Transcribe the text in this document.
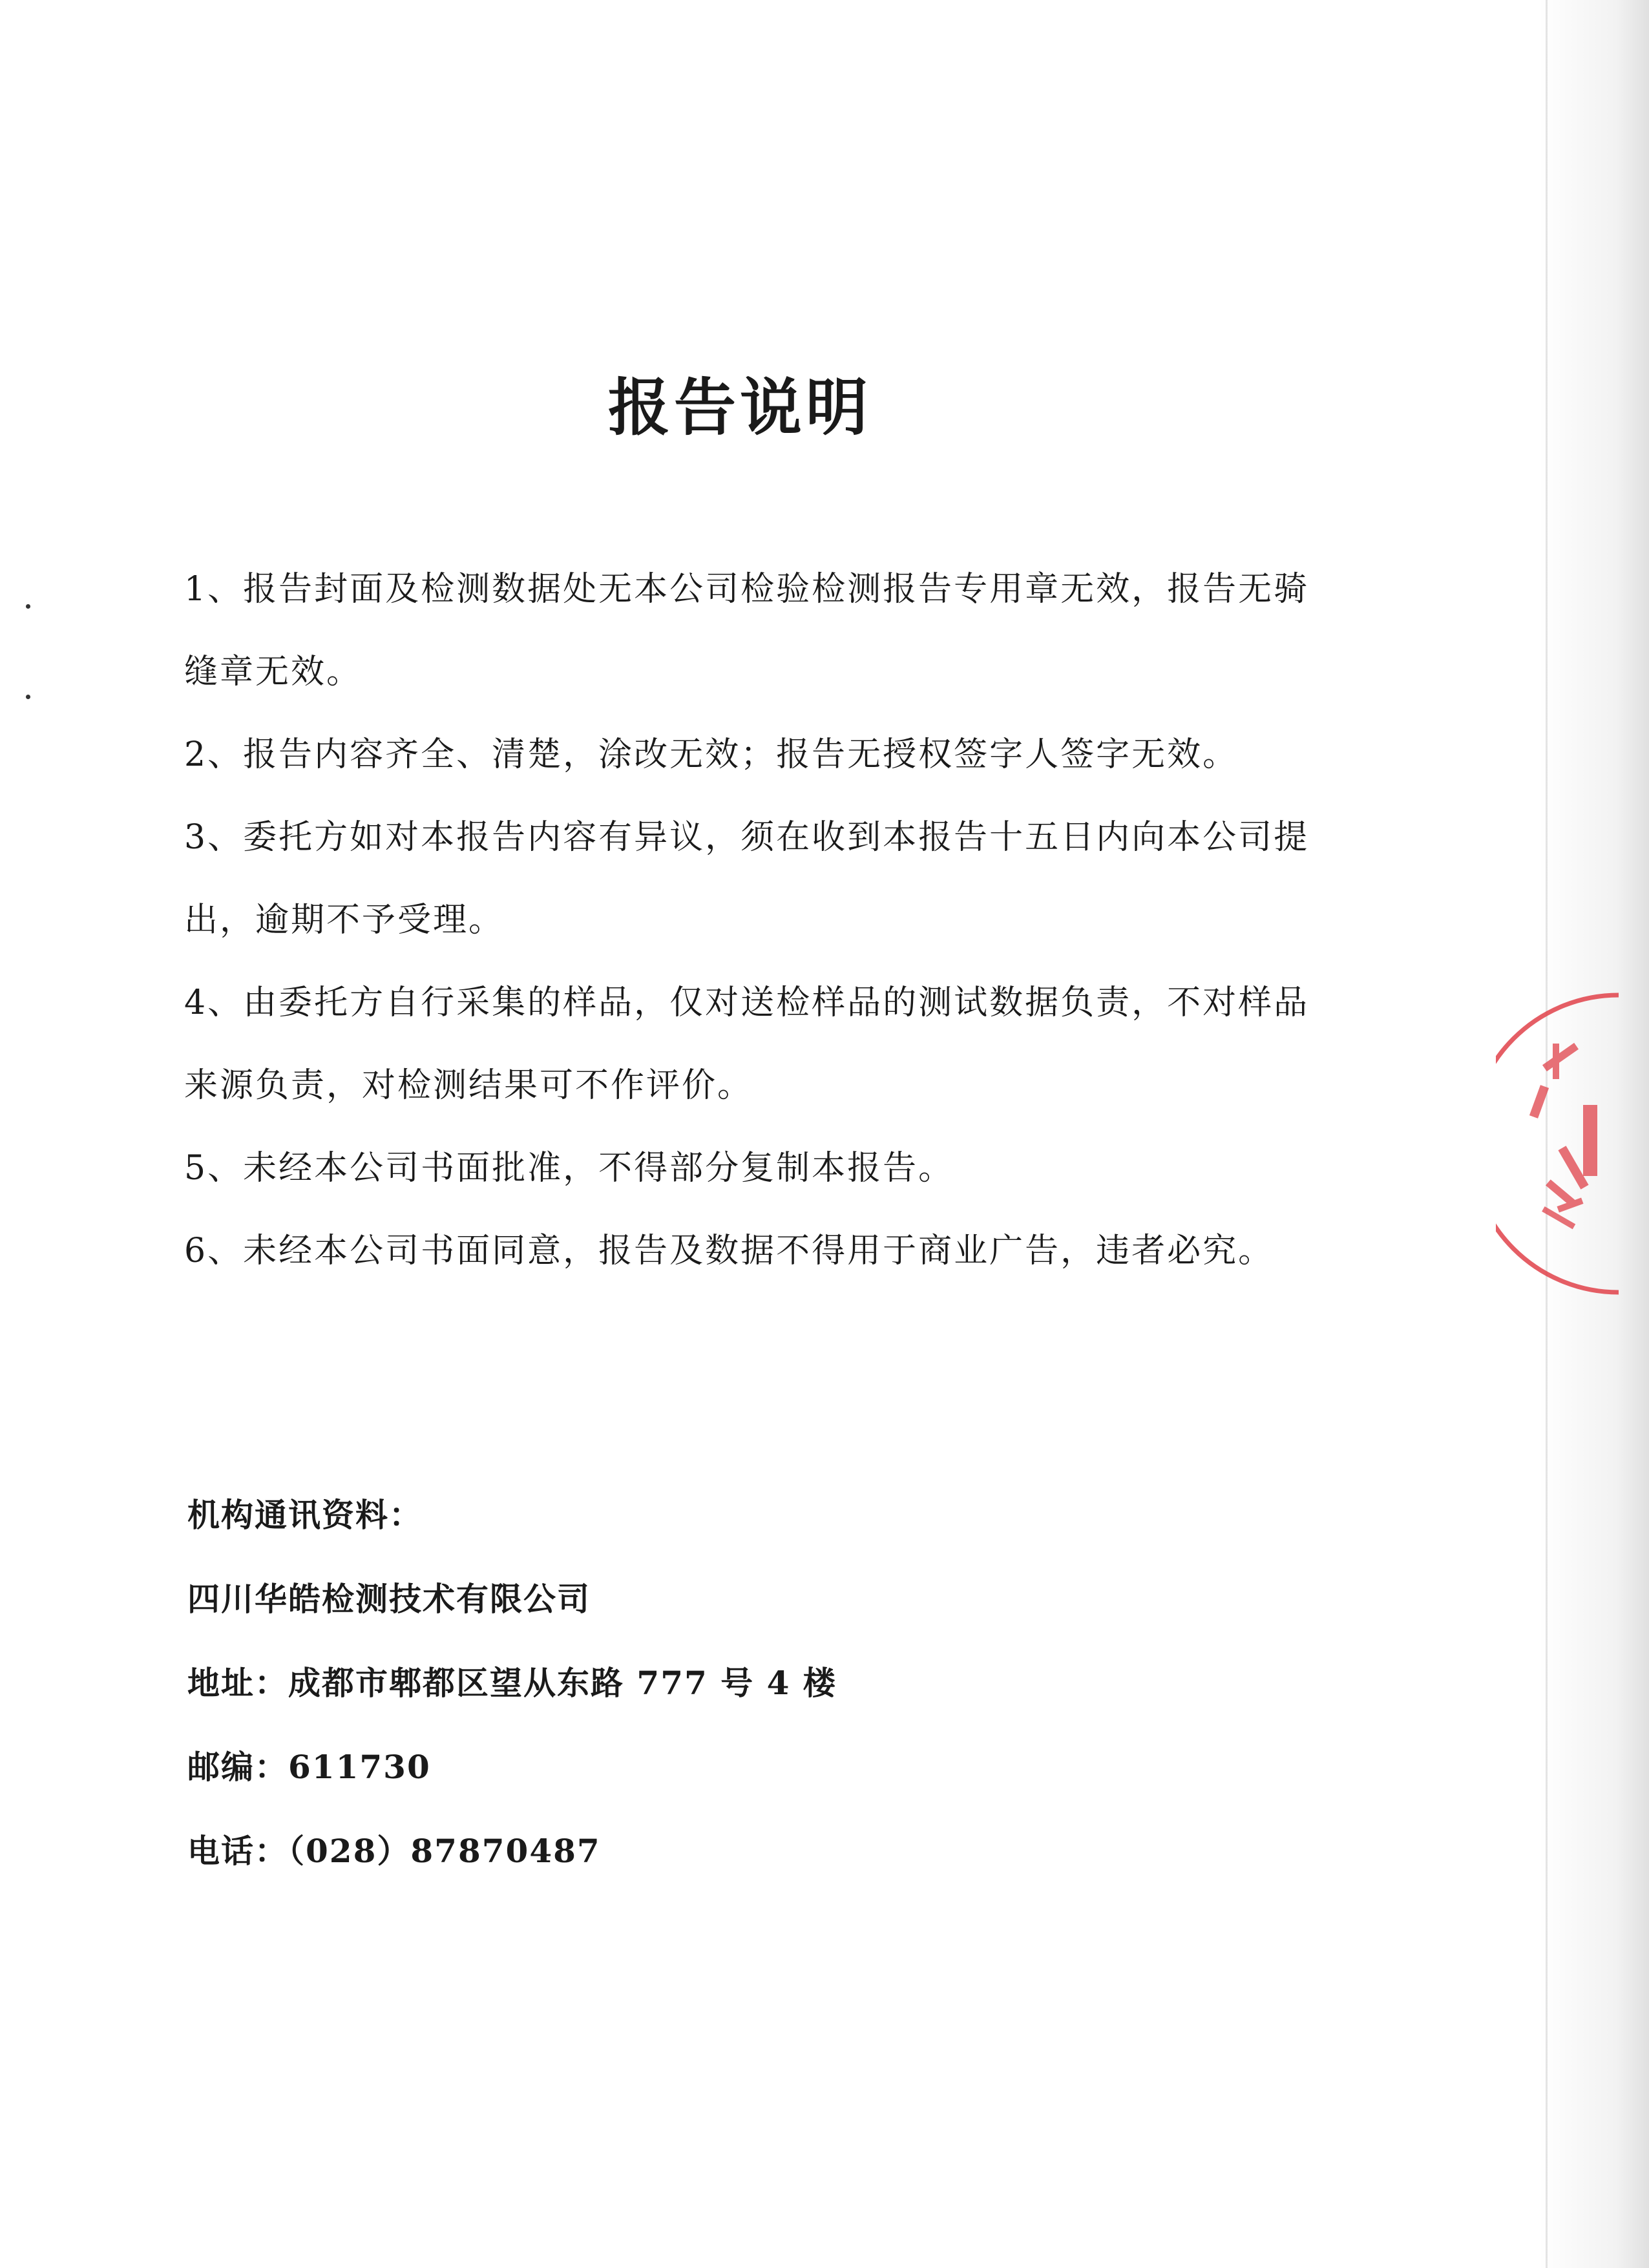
报告说明

1、报告封面及检测数据处无本公司检验检测报告专用章无效，报告无骑缝章无效。

2、报告内容齐全、清楚，涂改无效；报告无授权签字人签字无效。

3、委托方如对本报告内容有异议，须在收到本报告十五日内向本公司提出，逾期不予受理。

4、由委托方自行采集的样品，仅对送检样品的测试数据负责，不对样品来源负责，对检测结果可不作评价。

5、未经本公司书面批准，不得部分复制本报告。

6、未经本公司书面同意，报告及数据不得用于商业广告，违者必究。

机构通讯资料：

四川华皓检测技术有限公司

地址：成都市郫都区望从东路 777 号 4 楼

邮编：611730

电话：（028）87870487
